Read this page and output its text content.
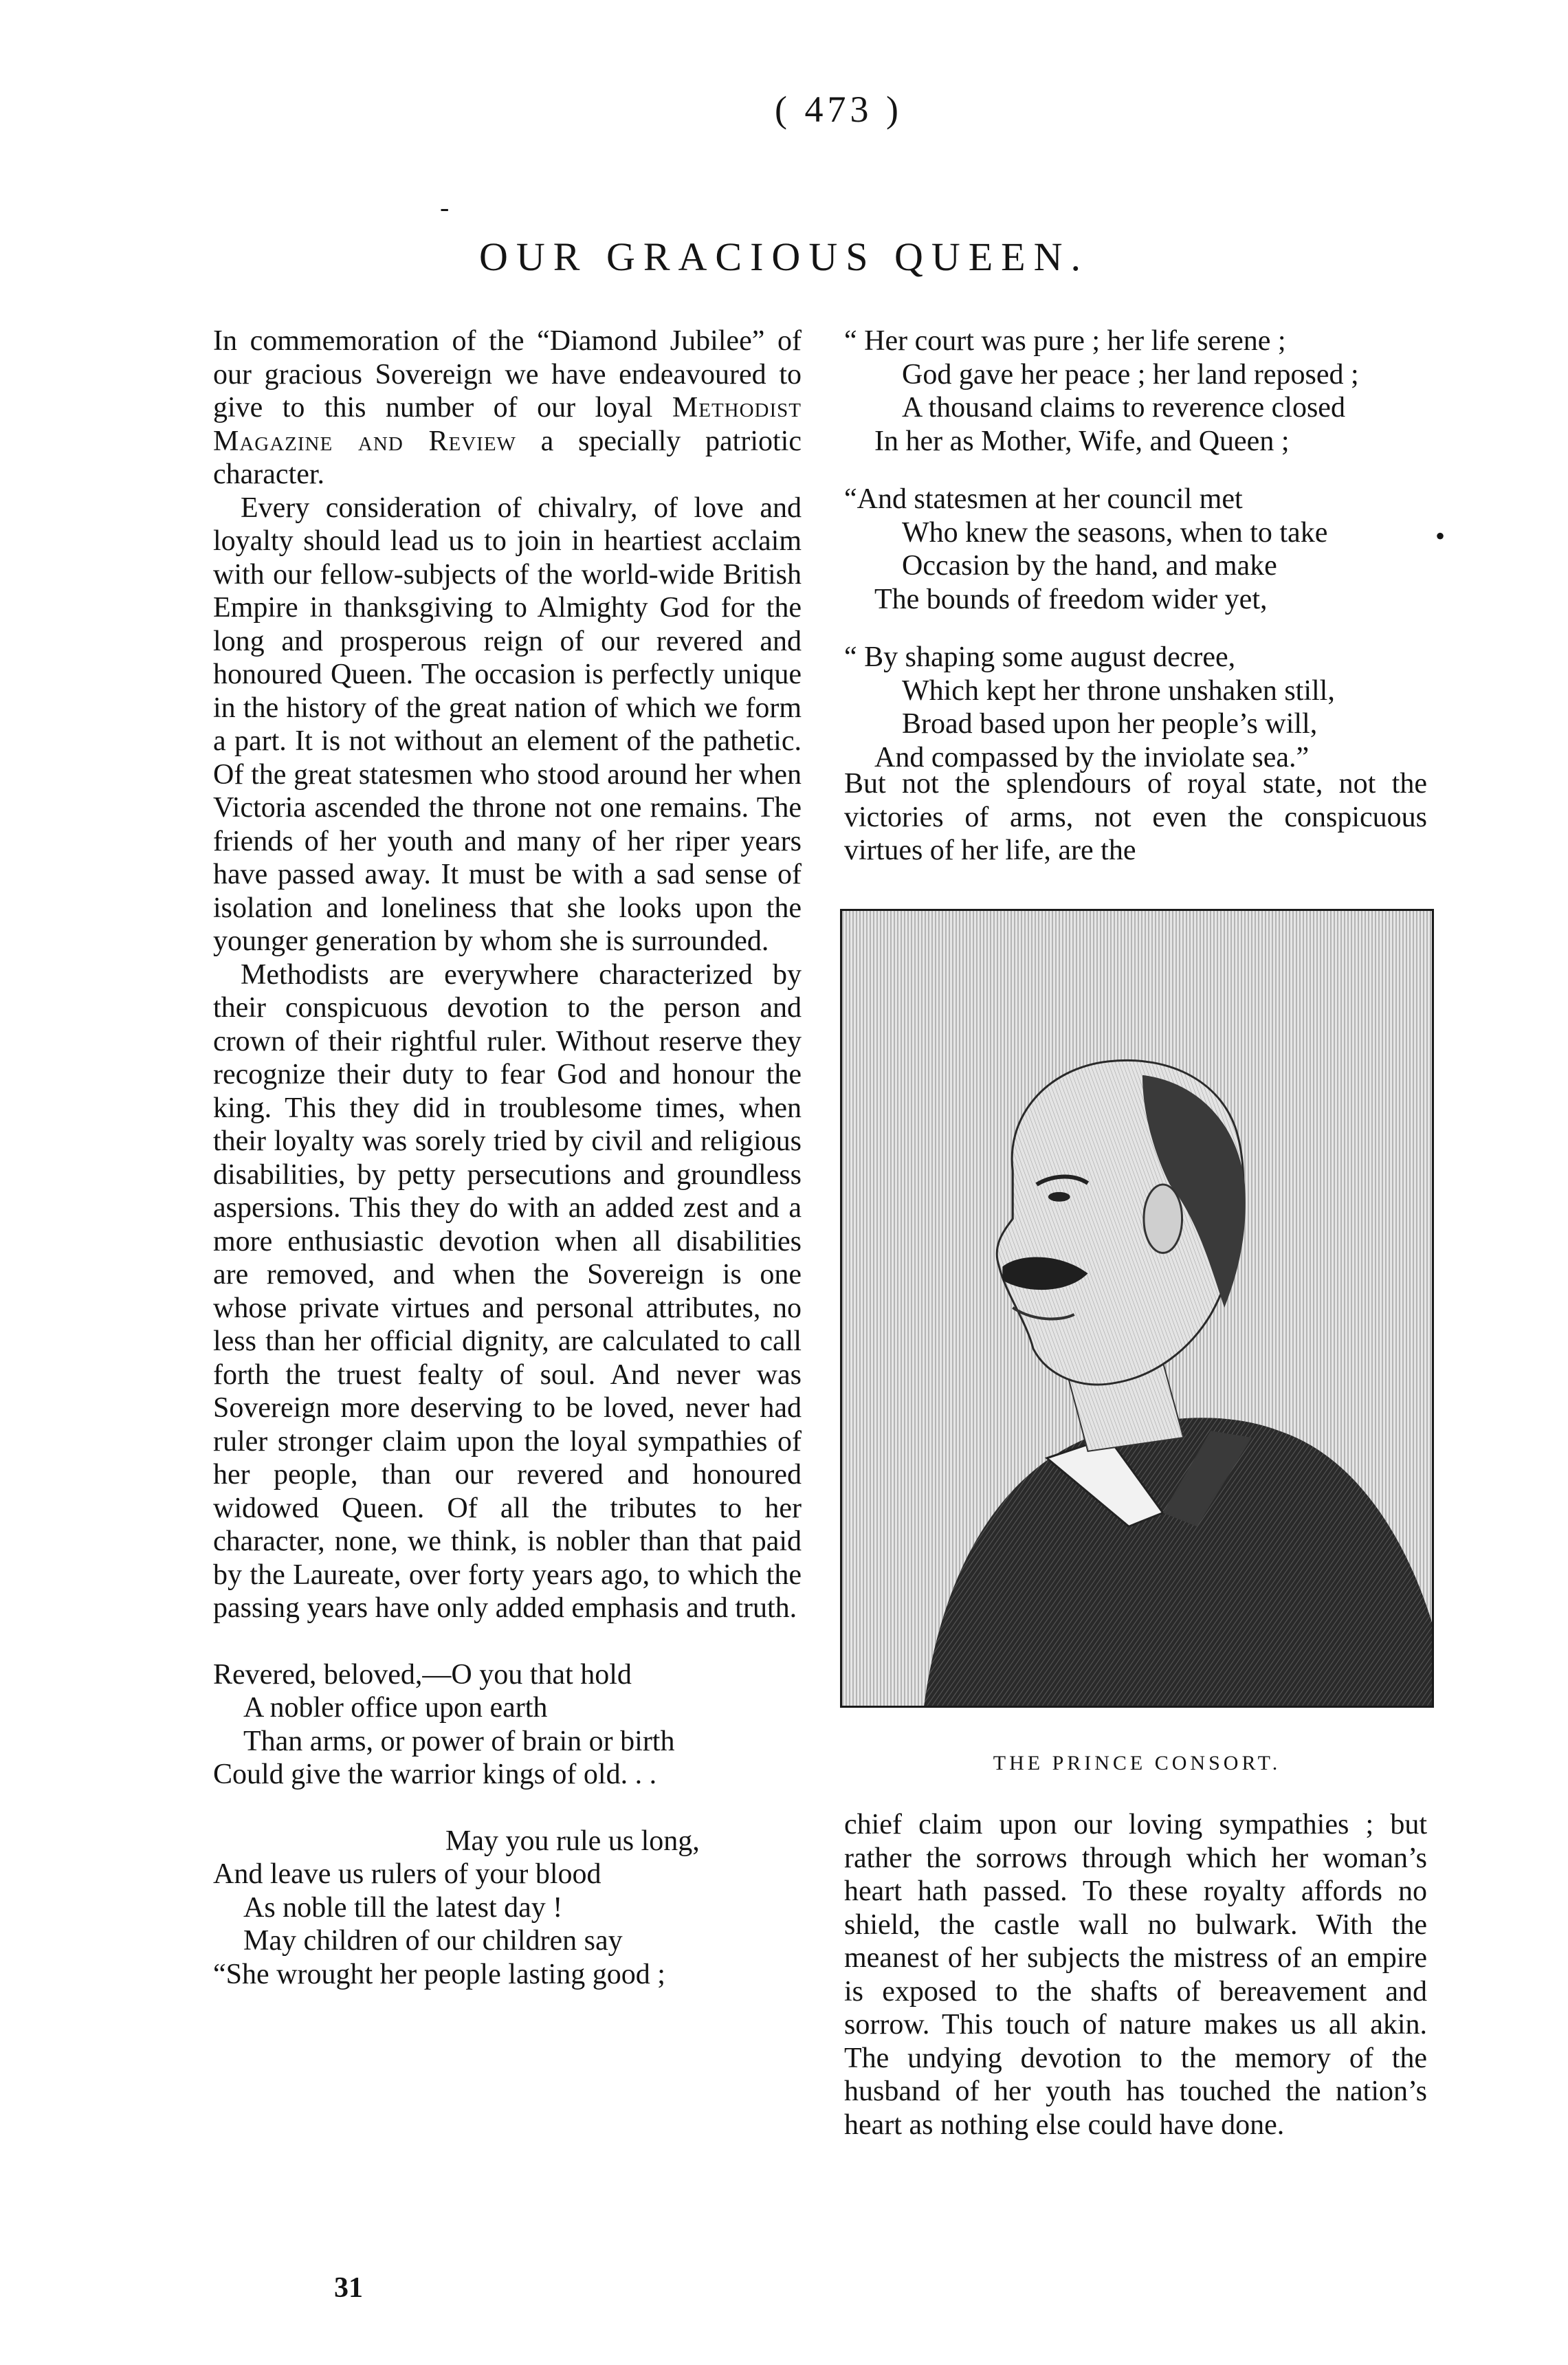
( 473 )
‐
OUR GRACIOUS QUEEN.

In commemoration of the “Diamond Jubilee” of our gracious Sovereign we have endeavoured to give to this number of our loyal Methodist Magazine and Review a specially patriotic character.

Every consideration of chivalry, of love and loyalty should lead us to join in heartiest acclaim with our fellow-subjects of the world-wide British Empire in thanksgiving to Almighty God for the long and prosperous reign of our revered and honoured Queen. The occasion is perfectly unique in the history of the great nation of which we form a part. It is not without an element of the pathetic. Of the great statesmen who stood around her when Victoria ascended the throne not one remains. The friends of her youth and many of her riper years have passed away. It must be with a sad sense of isolation and loneliness that she looks upon the younger generation by whom she is surrounded.

Methodists are everywhere characterized by their conspicuous devotion to the person and crown of their rightful ruler. Without reserve they recognize their duty to fear God and honour the king. This they did in troublesome times, when their loyalty was sorely tried by civil and religious disabilities, by petty persecutions and groundless aspersions. This they do with an added zest and a more enthusiastic devotion when all disabilities are removed, and when the Sovereign is one whose private virtues and personal attributes, no less than her official dignity, are calculated to call forth the truest fealty of soul. And never was Sovereign more deserving to be loved, never had ruler stronger claim upon the loyal sympathies of her people, than our revered and honoured widowed Queen. Of all the tributes to her character, none, we think, is nobler than that paid by the Laureate, over forty years ago, to which the passing years have only added emphasis and truth.

Revered, beloved,—O you that hold
A nobler office upon earth
Than arms, or power of brain or birth
Could give the warrior kings of old. . .
May you rule us long,
And leave us rulers of your blood
As noble till the latest day !
May children of our children say
“She wrought her people lasting good ;
31
“ Her court was pure ; her life serene ;
God gave her peace ; her land reposed ;
A thousand claims to reverence closed
In her as Mother, Wife, and Queen ;
“And statesmen at her council met
Who knew the seasons, when to take
Occasion by the hand, and make
The bounds of freedom wider yet,
“ By shaping some august decree,
Which kept her throne unshaken still,
Broad based upon her people’s will,
And compassed by the inviolate sea.”
•

But not the splendours of royal state, not the victories of arms, not even the conspicuous virtues of her life, are the

THE PRINCE CONSORT.

chief claim upon our loving sympathies ; but rather the sorrows through which her woman’s heart hath passed. To these royalty affords no shield, the castle wall no bulwark. With the meanest of her subjects the mistress of an empire is exposed to the shafts of bereavement and sorrow. This touch of nature makes us all akin. The undying devotion to the memory of the husband of her youth has touched the nation’s heart as nothing else could have done.
